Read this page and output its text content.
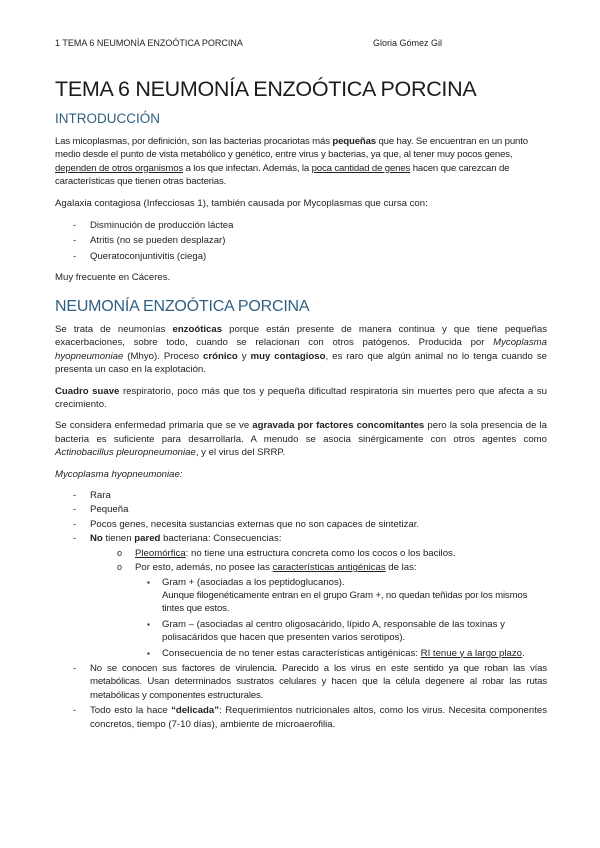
1 TEMA 6 NEUMONÍA ENZOÓTICA PORCINA	Gloria Gómez Gil
TEMA 6 NEUMONÍA ENZOÓTICA PORCINA
INTRODUCCIÓN

Las micoplasmas, por definición, son las bacterias procariotas más pequeñas que hay. Se encuentran en un punto medio desde el punto de vista metabólico y genético, entre virus y bacterias, ya que, al tener muy pocos genes, dependen de otros organismos a los que infectan. Además, la poca cantidad de genes hacen que carezcan de características que tienen otras bacterias.

Agalaxia contagiosa (Infecciosas 1), también causada por Mycoplasmas que cursa con:

- Disminución de producción láctea
- Atritis (no se pueden desplazar)
- Queratoconjuntivitis (ciega)

Muy frecuente en Cáceres.

NEUMONÍA ENZOÓTICA PORCINA

Se trata de neumonías enzoóticas porque están presente de manera continua y que tiene pequeñas exacerbaciones, sobre todo, cuando se relacionan con otros patógenos. Producida por Mycoplasma hyopneumoniae (Mhyo). Proceso crónico y muy contagioso, es raro que algún animal no lo tenga cuando se presenta un caso en la explotación.

Cuadro suave respiratorio, poco más que tos y pequeña dificultad respiratoria sin muertes pero que afecta a su crecimiento.

Se considera enfermedad primaria que se ve agravada por factores concomitantes pero la sola presencia de la bacteria es suficiente para desarrollarla. A menudo se asocia sinérgicamente con otros agentes como Actinobacillus pleuropneumoniae, y el virus del SRRP.

Mycoplasma hyopneumoniae:

- Rara
- Pequeña
- Pocos genes, necesita sustancias externas que no son capaces de sintetizar.
- No tienen pared bacteriana: Consecuencias:
o Pleomórfica: no tiene una estructura concreta como los cocos o los bacilos.
o Por esto, además, no posee las características antigénicas de las:
▪ Gram + (asociadas a los peptidoglucanos).
Aunque filogenéticamente entran en el grupo Gram +, no quedan teñidas por los mismos tintes que estos.
▪ Gram – (asociadas al centro oligosacárido, lípido A, responsable de las toxinas y polisacáridos que hacen que presenten varios serotipos).
▪ Consecuencia de no tener estas características antigénicas: RI tenue y a largo plazo.
- No se conocen sus factores de virulencia. Parecido a los virus en este sentido ya que roban las vías metabólicas. Usan determinados sustratos celulares y hacen que la célula degenere al robar las rutas metabólicas y componentes estructurales.
- Todo esto la hace “delicada”: Requerimientos nutricionales altos, como los virus. Necesita componentes concretos, tiempo (7-10 días), ambiente de microaerofilia.
